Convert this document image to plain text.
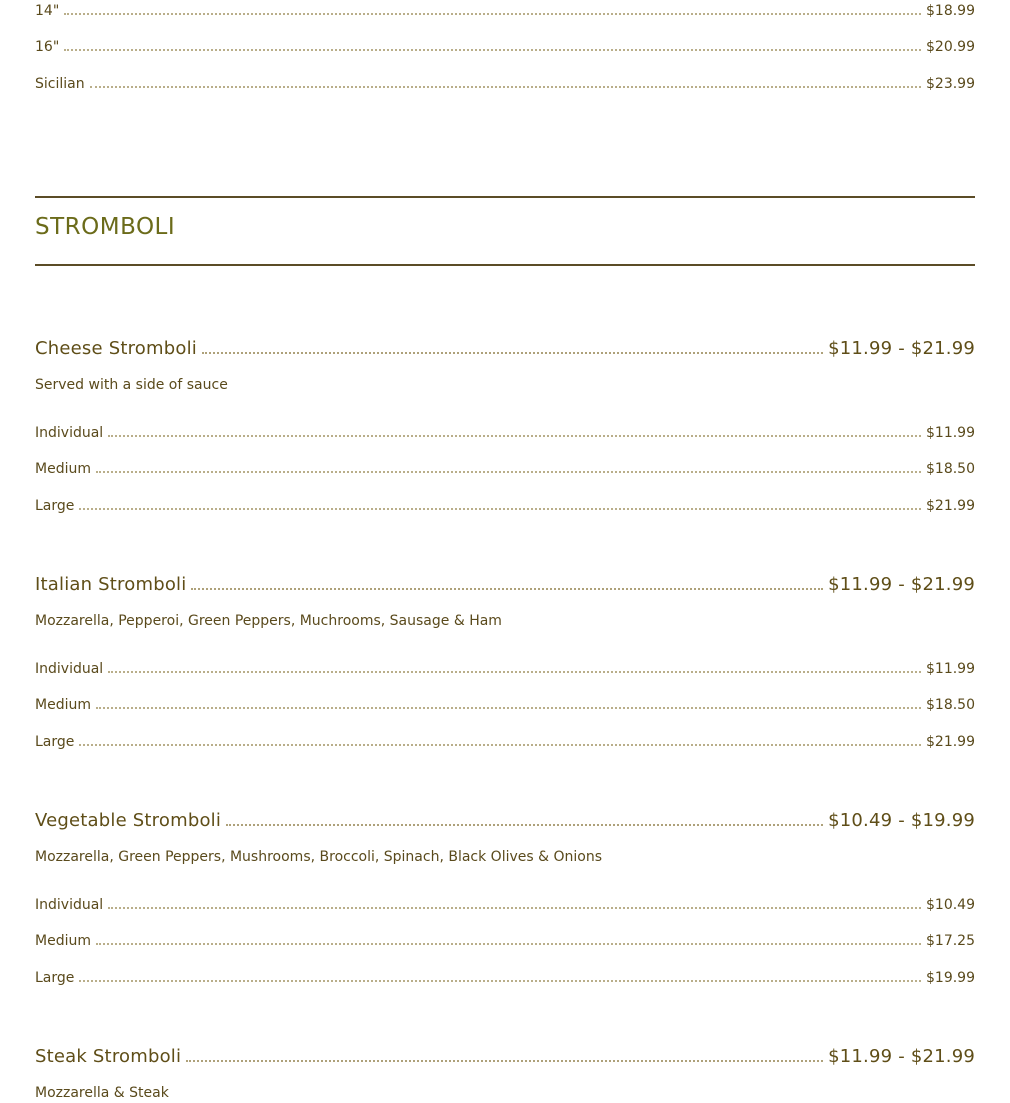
14"	$18.99
16"	$20.99
Sicilian	$23.99
STROMBOLI
Cheese Stromboli	$11.99 - $21.99
Served with a side of sauce
Individual	$11.99
Medium	$18.50
Large	$21.99
Italian Stromboli	$11.99 - $21.99
Mozzarella, Pepperoi, Green Peppers, Muchrooms, Sausage & Ham
Individual	$11.99
Medium	$18.50
Large	$21.99
Vegetable Stromboli	$10.49 - $19.99
Mozzarella, Green Peppers, Mushrooms, Broccoli, Spinach, Black Olives & Onions
Individual	$10.49
Medium	$17.25
Large	$19.99
Steak Stromboli	$11.99 - $21.99
Mozzarella & Steak
